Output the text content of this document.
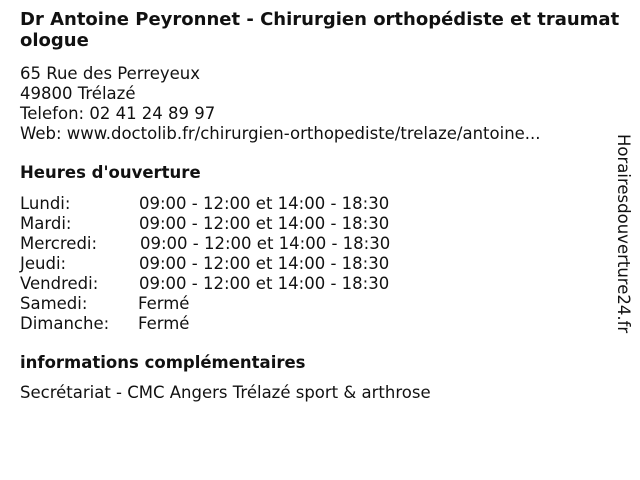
Dr Antoine Peyronnet - Chirurgien orthopédiste et traumatologue
65 Rue des Perreyeux
49800 Trélazé
Telefon: 02 41 24 89 97
Web: www.doctolib.fr/chirurgien-orthopediste/trelaze/antoine...
Heures d'ouverture
Lundi:	09:00 - 12:00 et 14:00 - 18:30
Mardi:	09:00 - 12:00 et 14:00 - 18:30
Mercredi:	09:00 - 12:00 et 14:00 - 18:30
Jeudi:	09:00 - 12:00 et 14:00 - 18:30
Vendredi: 09:00 - 12:00 et 14:00 - 18:30
Samedi:	Fermé
Dimanche: Fermé
informations complémentaires
Secrétariat - CMC Angers Trélazé sport & arthrose
Horairesdouverture24.fr
